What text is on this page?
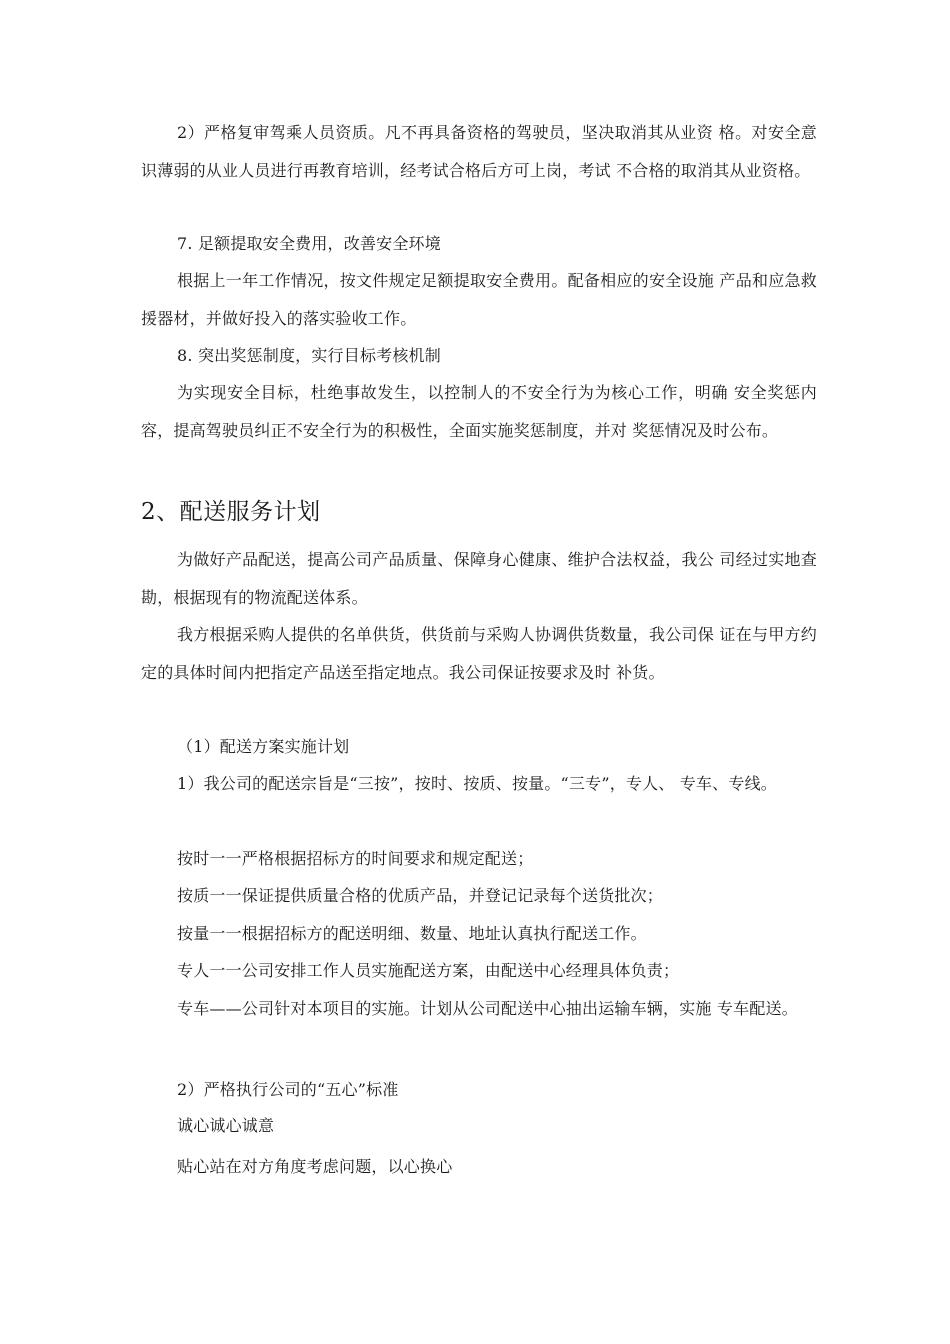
2）严格复审驾乘人员资质。凡不再具备资格的驾驶员，坚决取消其从业资 格。对安全意识薄弱的从业人员进行再教育培训，经考试合格后方可上岗，考试 不合格的取消其从业资格。

7. 足额提取安全费用，改善安全环境

根据上一年工作情况，按文件规定足额提取安全费用。配备相应的安全设施 产品和应急救援器材，并做好投入的落实验收工作。

8. 突出奖惩制度，实行目标考核机制

为实现安全目标，杜绝事故发生，以控制人的不安全行为为核心工作，明确 安全奖惩内容，提高驾驶员纠正不安全行为的积极性，全面实施奖惩制度，并对 奖惩情况及时公布。

2、配送服务计划

为做好产品配送，提高公司产品质量、保障身心健康、维护合法权益，我公 司经过实地查勘，根据现有的物流配送体系。

我方根据采购人提供的名单供货，供货前与采购人协调供货数量，我公司保 证在与甲方约定的具体时间内把指定产品送至指定地点。我公司保证按要求及时 补货。

（1）配送方案实施计划

1）我公司的配送宗旨是“三按”，按时、按质、按量。“三专”，专人、 专车、专线。

按时一一严格根据招标方的时间要求和规定配送；

按质一一保证提供质量合格的优质产品，并登记记录每个送货批次；

按量一一根据招标方的配送明细、数量、地址认真执行配送工作。

专人一一公司安排工作人员实施配送方案，由配送中心经理具体负责；

专车——公司针对本项目的实施。计划从公司配送中心抽出运输车辆，实施 专车配送。

2）严格执行公司的“五心”标准

诚心诚心诚意

贴心站在对方角度考虑问题，以心换心
